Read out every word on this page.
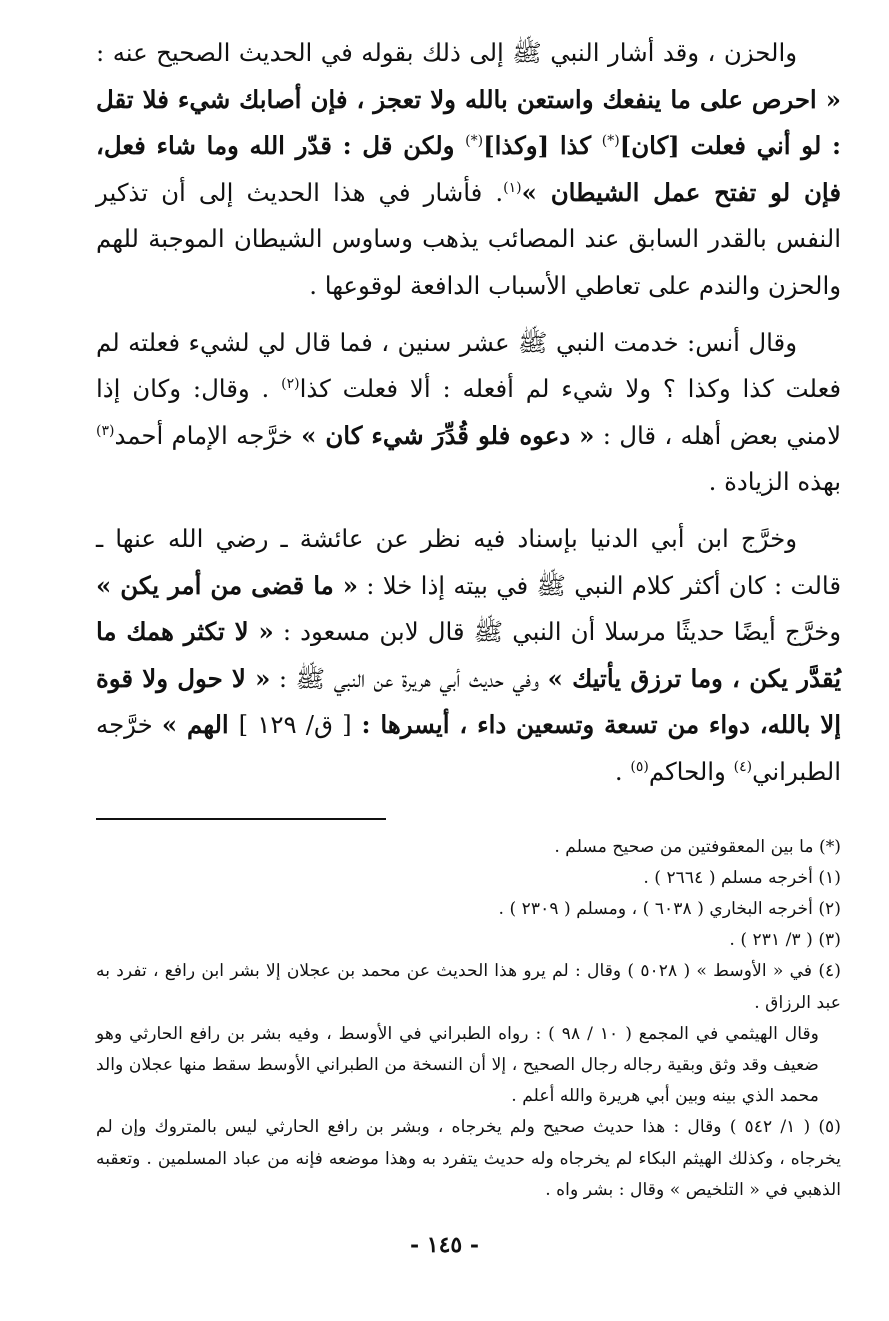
والحزن ، وقد أشار النبي ﷺ إلى ذلك بقوله في الحديث الصحيح عنه : « احرص على ما ينفعك واستعن بالله ولا تعجز ، فإن أصابك شيء فلا تقل : لو أني فعلت [كان](*) كذا [وكذا](*) ولكن قل : قدّر الله وما شاء فعل، فإن لو تفتح عمل الشيطان »$^{(١)}$. فأشار في هذا الحديث إلى أن تذكير النفس بالقدر السابق عند المصائب يذهب وساوس الشيطان الموجبة للهم والحزن والندم على تعاطي الأسباب الدافعة لوقوعها .

وقال أنس: خدمت النبي ﷺ عشر سنين ، فما قال لي لشيء فعلته لم فعلت كذا وكذا ؟ ولا شيء لم أفعله : ألا فعلت كذا$^{(٢)}$ . وقال: وكان إذا لامني بعض أهله ، قال : « دعوه فلو قُدِّرَ شيء كان » خرَّجه الإمام أحمد$^{(٣)}$ بهذه الزيادة .

وخرَّج ابن أبي الدنيا بإسناد فيه نظر عن عائشة ـ رضي الله عنها ـ قالت : كان أكثر كلام النبي ﷺ في بيته إذا خلا : « ما قضى من أمر يكن » وخرَّج أيضًا حديثًا مرسلا أن النبي ﷺ قال لابن مسعود : « لا تكثر همك ما يُقدَّر يكن ، وما ترزق يأتيك » وفي حديث أبي هريرة عن النبي ﷺ : « لا حول ولا قوة إلا بالله، دواء من تسعة وتسعين داء ، أيسرها : [ ق/ ١٢٩ ] الهم » خرَّجه الطبراني$^{(٤)}$ والحاكم$^{(٥)}$ .

(*) ما بين المعقوفتين من صحيح مسلم .

(١) أخرجه مسلم ( ٢٦٦٤ ) .

(٢) أخرجه البخاري ( ٦٠٣٨ ) ، ومسلم ( ٢٣٠٩ ) .

(٣) ( ٣/ ٢٣١ ) .

(٤) في « الأوسط » ( ٥٠٢٨ ) وقال : لم يرو هذا الحديث عن محمد بن عجلان إلا بشر ابن رافع ، تفرد به عبد الرزاق .

وقال الهيثمي في المجمع ( ١٠ / ٩٨ ) : رواه الطبراني في الأوسط ، وفيه بشر بن رافع الحارثي وهو ضعيف وقد وثق وبقية رجاله رجال الصحيح ، إلا أن النسخة من الطبراني الأوسط سقط منها عجلان والد محمد الذي بينه وبين أبي هريرة والله أعلم .

(٥) ( ١/ ٥٤٢ ) وقال : هذا حديث صحيح ولم يخرجاه ، وبشر بن رافع الحارثي ليس بالمتروك وإن لم يخرجاه ، وكذلك الهيثم البكاء لم يخرجاه وله حديث يتفرد به وهذا موضعه فإنه من عباد المسلمين . وتعقبه الذهبي في « التلخيص » وقال : بشر واه .

- ١٤٥ -
